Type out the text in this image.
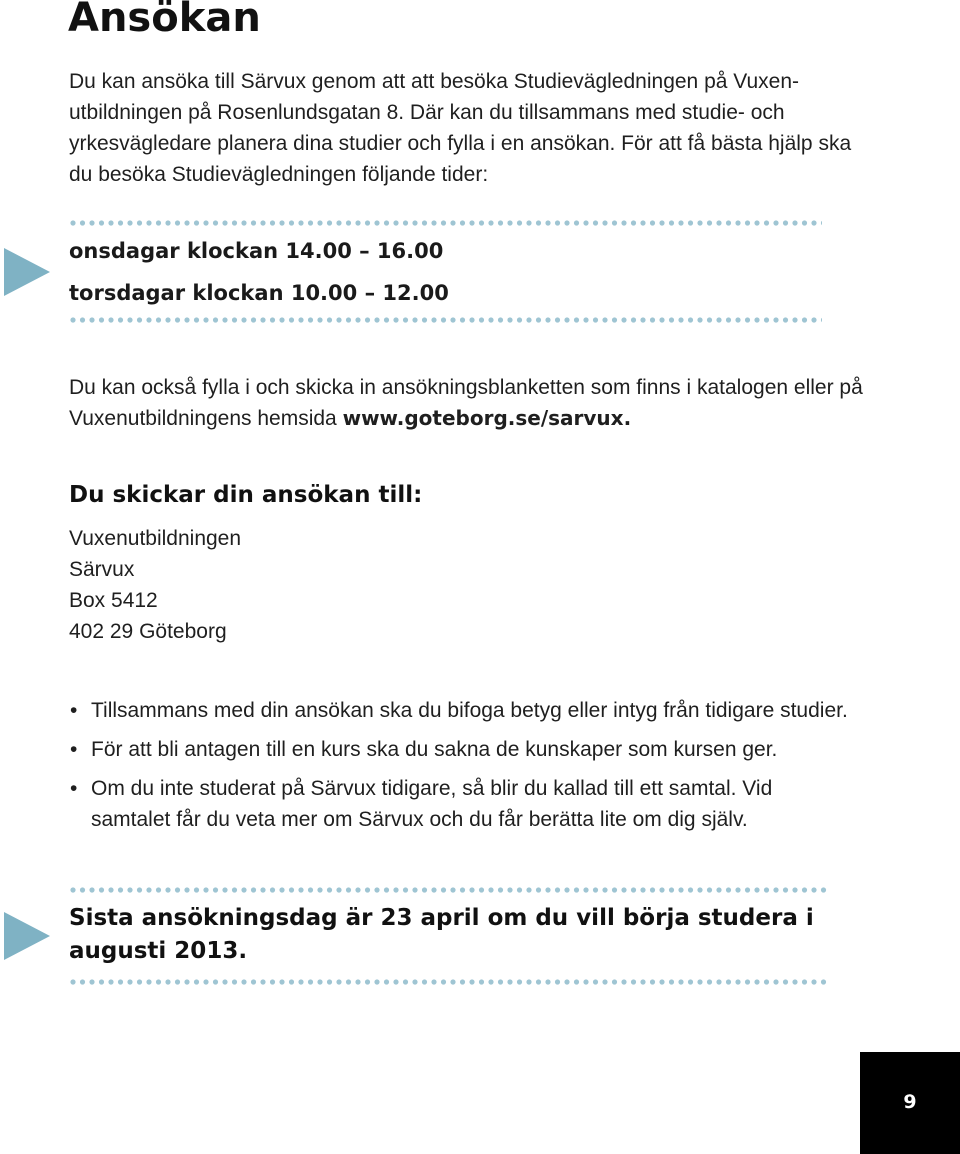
Ansökan

Du kan ansöka till Särvux genom att att besöka Studievägledningen på Vuxen-utbildningen på Rosenlundsgatan 8. Där kan du tillsammans med studie- och yrkesvägledare planera dina studier och fylla i en ansökan. För att få bästa hjälp ska du besöka Studievägledningen följande tider:

onsdagar klockan 14.00 – 16.00
torsdagar klockan 10.00 – 12.00

Du kan också fylla i och skicka in ansökningsblanketten som finns i katalogen eller på Vuxenutbildningens hemsida www.goteborg.se/sarvux.

Du skickar din ansökan till:
Vuxenutbildningen
Särvux
Box 5412
402 29 Göteborg
• Tillsammans med din ansökan ska du bifoga betyg eller intyg från tidigare studier.
• För att bli antagen till en kurs ska du sakna de kunskaper som kursen ger.
• Om du inte studerat på Särvux tidigare, så blir du kallad till ett samtal. Vid samtalet får du veta mer om Särvux och du får berätta lite om dig själv.

Sista ansökningsdag är 23 april om du vill börja studera i augusti 2013.

9
